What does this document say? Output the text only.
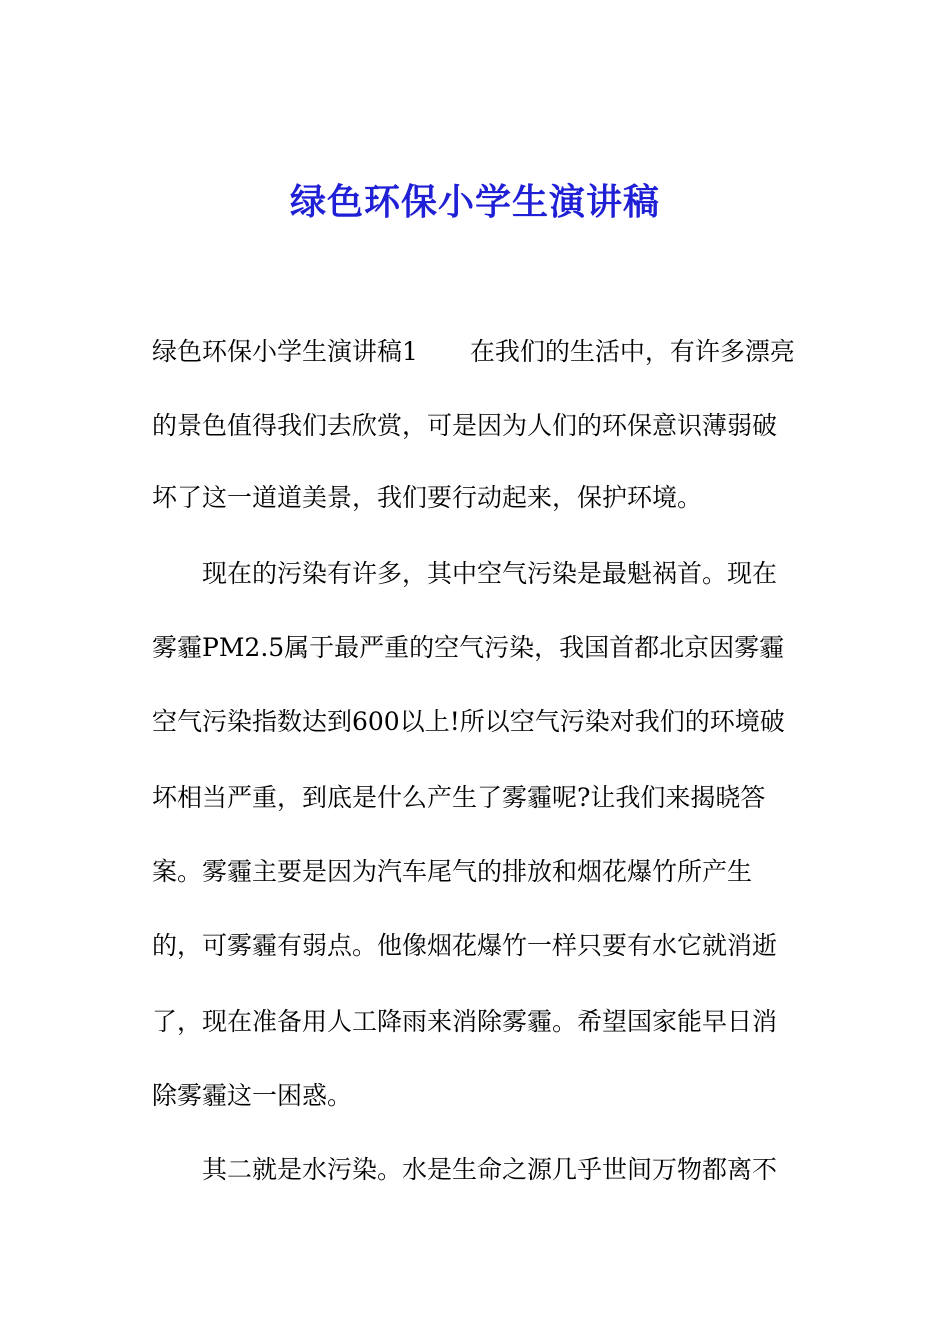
绿色环保小学生演讲稿

绿色环保小学生演讲稿1 在我们的生活中，有许多漂亮

的景色值得我们去欣赏，可是因为人们的环保意识薄弱破

坏了这一道道美景，我们要行动起来，保护环境。

现在的污染有许多，其中空气污染是最魁祸首。现在

雾霾PM2.5属于最严重的空气污染，我国首都北京因雾霾

空气污染指数达到600以上!所以空气污染对我们的环境破

坏相当严重，到底是什么产生了雾霾呢?让我们来揭晓答

案。雾霾主要是因为汽车尾气的排放和烟花爆竹所产生

的，可雾霾有弱点。他像烟花爆竹一样只要有水它就消逝

了，现在准备用人工降雨来消除雾霾。希望国家能早日消

除雾霾这一困惑。

其二就是水污染。水是生命之源几乎世间万物都离不
